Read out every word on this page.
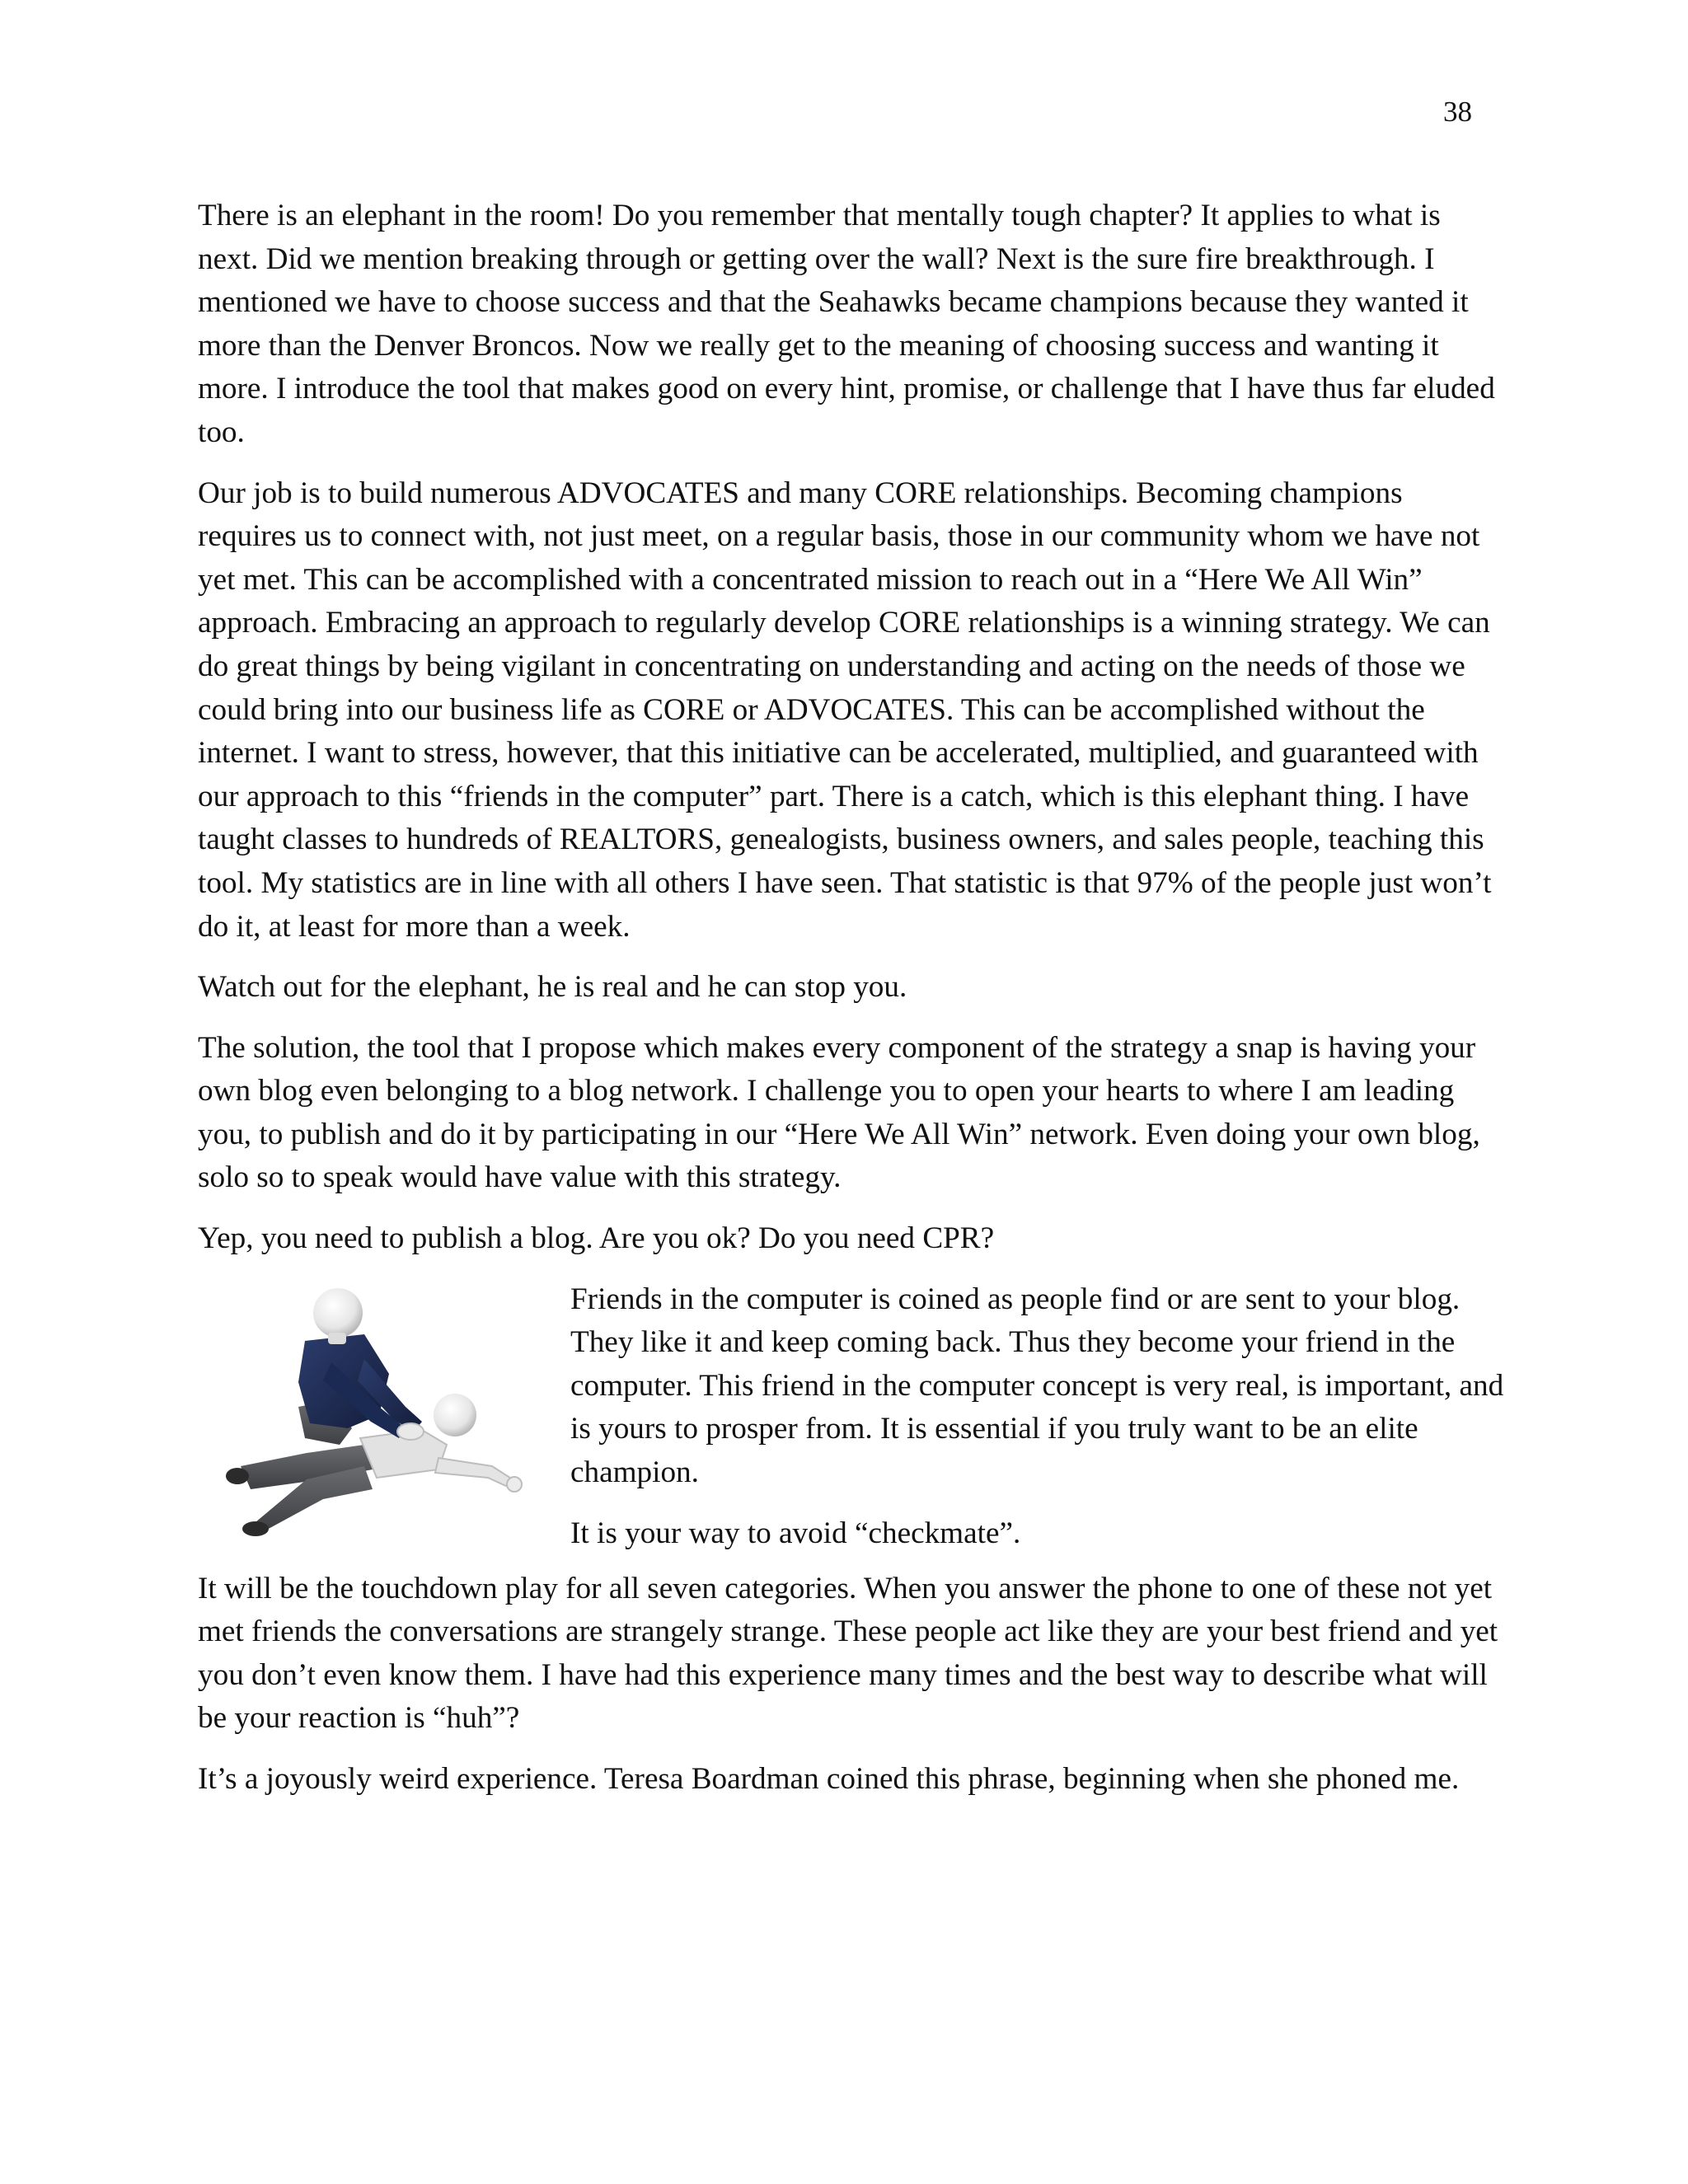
38

There is an elephant in the room! Do you remember that mentally tough chapter? It applies to what is next. Did we mention breaking through or getting over the wall? Next is the sure fire breakthrough. I mentioned we have to choose success and that the Seahawks became champions because they wanted it more than the Denver Broncos. Now we really get to the meaning of choosing success and wanting it more. I introduce the tool that makes good on every hint, promise, or challenge that I have thus far eluded too.

Our job is to build numerous ADVOCATES and many CORE relationships. Becoming champions requires us to connect with, not just meet, on a regular basis, those in our community whom we have not yet met. This can be accomplished with a concentrated mission to reach out in a “Here We All Win” approach. Embracing an approach to regularly develop CORE relationships is a winning strategy. We can do great things by being vigilant in concentrating on understanding and acting on the needs of those we could bring into our business life as CORE or ADVOCATES. This can be accomplished without the internet. I want to stress, however, that this initiative can be accelerated, multiplied, and guaranteed with our approach to this “friends in the computer” part. There is a catch, which is this elephant thing. I have taught classes to hundreds of REALTORS, genealogists, business owners, and sales people, teaching this tool. My statistics are in line with all others I have seen. That statistic is that 97% of the people just won’t do it, at least for more than a week.

Watch out for the elephant, he is real and he can stop you.

The solution, the tool that I propose which makes every component of the strategy a snap is having your own blog even belonging to a blog network. I challenge you to open your hearts to where I am leading you, to publish and do it by participating in our “Here We All Win” network. Even doing your own blog, solo so to speak would have value with this strategy.

Yep, you need to publish a blog. Are you ok? Do you need CPR?

Friends in the computer is coined as people find or are sent to your blog. They like it and keep coming back. Thus they become your friend in the computer. This friend in the computer concept is very real, is important, and is yours to prosper from. It is essential if you truly want to be an elite champion.

It is your way to avoid “checkmate”.

It will be the touchdown play for all seven categories. When you answer the phone to one of these not yet met friends the conversations are strangely strange. These people act like they are your best friend and yet you don’t even know them. I have had this experience many times and the best way to describe what will be your reaction is “huh”?

It’s a joyously weird experience. Teresa Boardman coined this phrase, beginning when she phoned me.
